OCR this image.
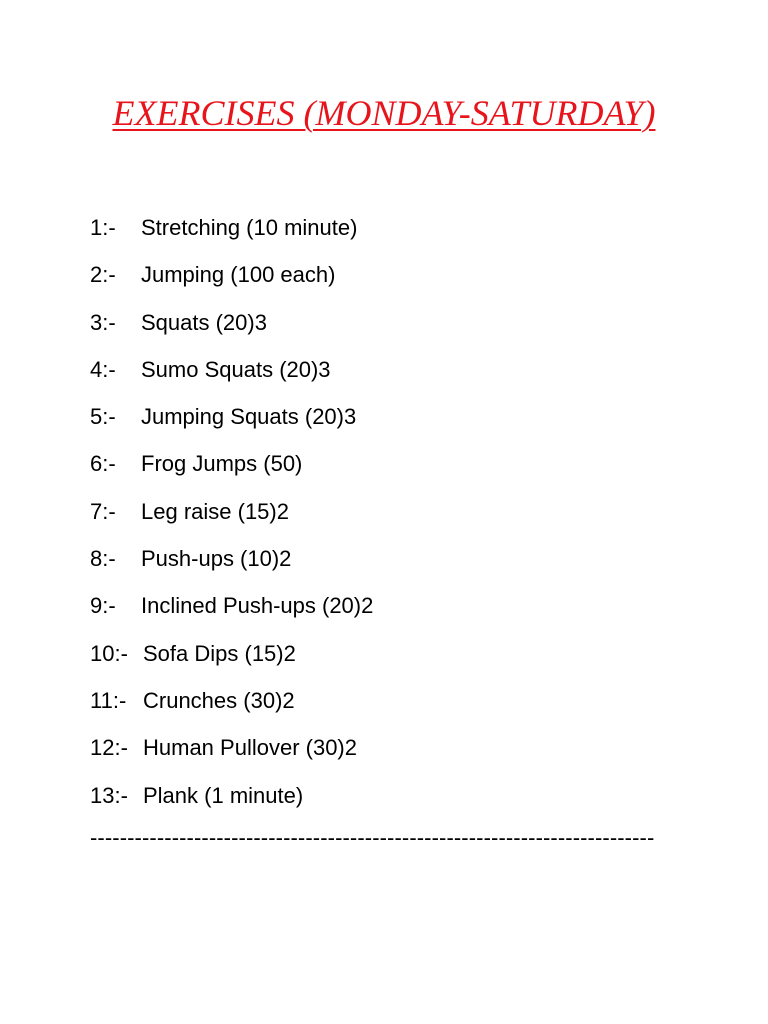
EXERCISES (MONDAY-SATURDAY)
1:- Stretching (10 minute)
2:- Jumping (100 each)
3:- Squats (20)3
4:- Sumo Squats (20)3
5:- Jumping Squats (20)3
6:- Frog Jumps (50)
7:- Leg raise (15)2
8:- Push-ups (10)2
9:- Inclined Push-ups (20)2
10:- Sofa Dips (15)2
11:- Crunches (30)2
12:- Human Pullover (30)2
13:- Plank (1 minute)
----------------------------------------------------------------------------
